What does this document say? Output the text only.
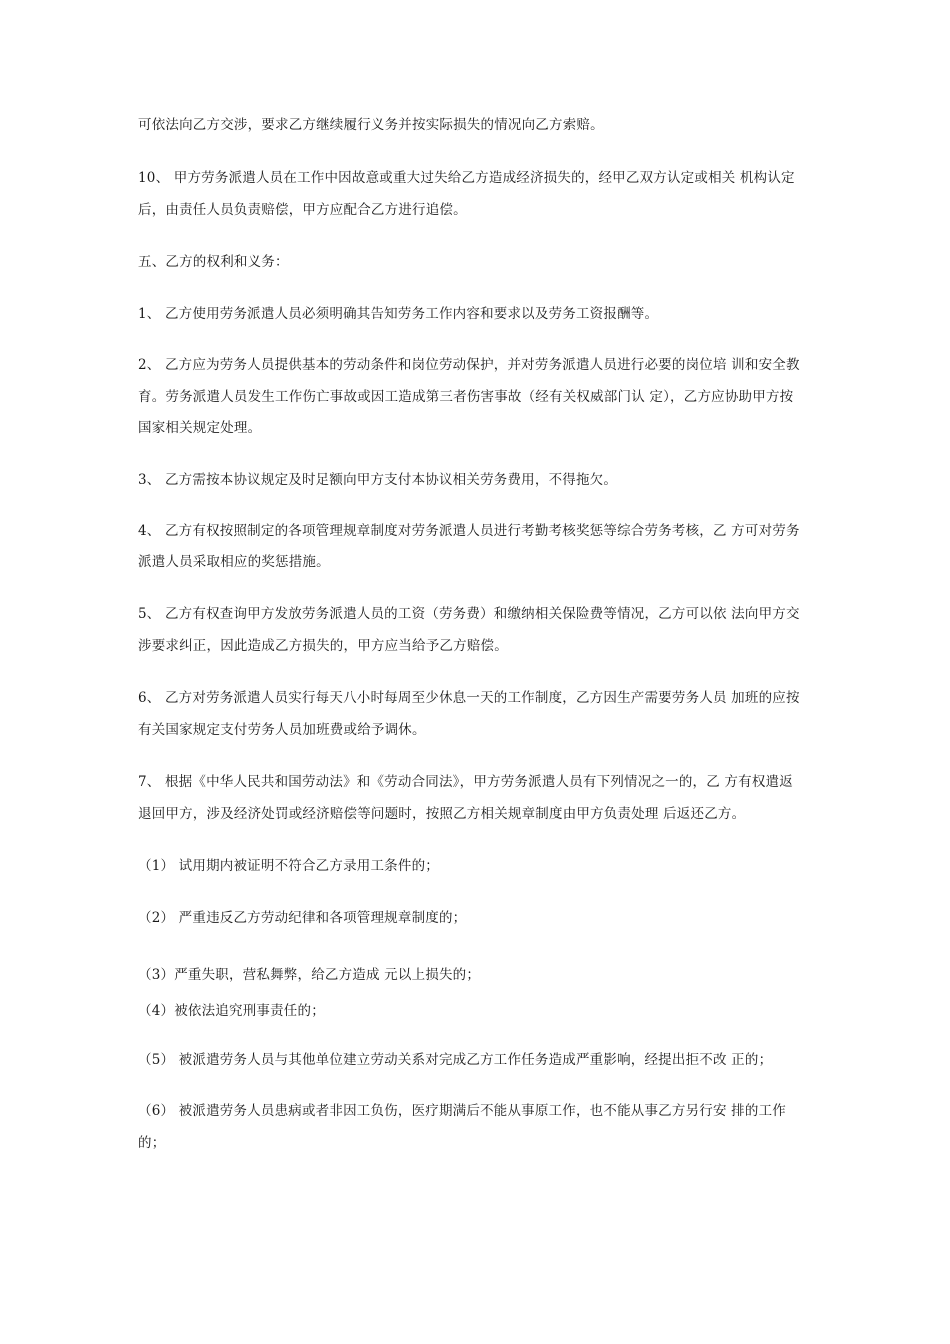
可依法向乙方交涉，要求乙方继续履行义务并按实际损失的情况向乙方索赔。
10、 甲方劳务派遣人员在工作中因故意或重大过失给乙方造成经济损失的，经甲乙双方认定或相关 机构认定
后，由责任人员负责赔偿，甲方应配合乙方进行追偿。
五、乙方的权利和义务：
1、 乙方使用劳务派遣人员必须明确其告知劳务工作内容和要求以及劳务工资报酬等。
2、 乙方应为劳务人员提供基本的劳动条件和岗位劳动保护，并对劳务派遣人员进行必要的岗位培 训和安全教
育。劳务派遣人员发生工作伤亡事故或因工造成第三者伤害事故（经有关权威部门认 定），乙方应协助甲方按
国家相关规定处理。
3、 乙方需按本协议规定及时足额向甲方支付本协议相关劳务费用，不得拖欠。
4、 乙方有权按照制定的各项管理规章制度对劳务派遣人员进行考勤考核奖惩等综合劳务考核，乙 方可对劳务
派遣人员采取相应的奖惩措施。
5、 乙方有权查询甲方发放劳务派遣人员的工资（劳务费）和缴纳相关保险费等情况，乙方可以依 法向甲方交
涉要求纠正，因此造成乙方损失的，甲方应当给予乙方赔偿。
6、 乙方对劳务派遣人员实行每天八小时每周至少休息一天的工作制度，乙方因生产需要劳务人员 加班的应按
有关国家规定支付劳务人员加班费或给予调休。
7、 根据《中华人民共和国劳动法》和《劳动合同法》，甲方劳务派遣人员有下列情况之一的，乙 方有权遣返
退回甲方，涉及经济处罚或经济赔偿等问题时，按照乙方相关规章制度由甲方负责处理 后返还乙方。
（1） 试用期内被证明不符合乙方录用工条件的；
（2） 严重违反乙方劳动纪律和各项管理规章制度的；
（3）严重失职，营私舞弊，给乙方造成 元以上损失的；
（4）被依法追究刑事责任的；
（5） 被派遣劳务人员与其他单位建立劳动关系对完成乙方工作任务造成严重影响，经提出拒不改 正的；
（6） 被派遣劳务人员患病或者非因工负伤，医疗期满后不能从事原工作，也不能从事乙方另行安 排的工作
的；
